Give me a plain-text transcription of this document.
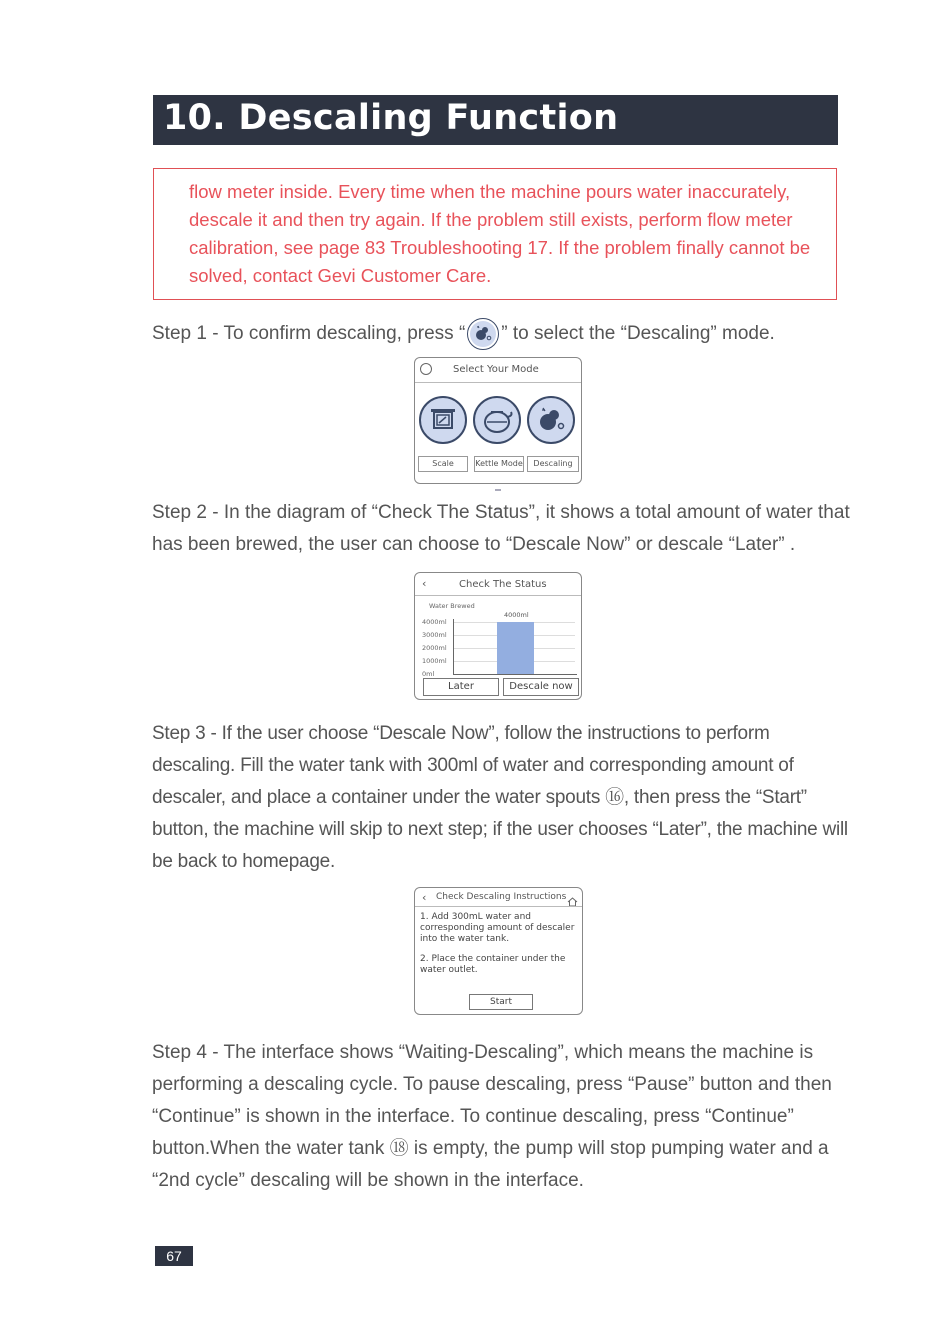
10. Descaling Function

flow meter inside. Every time when the machine pours water inaccurately, descale it and then try again. If the problem still exists, perform flow meter calibration, see page 83 Troubleshooting 17. If the problem finally cannot be solved, contact Gevi Customer Care.

Step 1 - To confirm descaling, press “ ” to select the “Descaling” mode.

Select Your Mode
Scale	Kettle Mode	Descaling

Step 2 - In the diagram of “Check The Status”, it shows a total amount of water that has been brewed, the user can choose to “Descale Now” or descale “Later” .

‹	Check The Status
Water Brewed
4000ml
3000ml
2000ml
1000ml
0ml
4000ml
Later	Descale now

Step 3 - If the user choose “Descale Now”, follow the instructions to perform descaling. Fill the water tank with 300ml of water and corresponding amount of descaler, and place a container under the water spouts ⑯, then press the “Start” button, the machine will skip to next step; if the user chooses “Later”, the machine will be back to homepage.

‹ Check Descaling Instructions
1. Add 300mL water and corresponding amount of descaler into the water tank.
2. Place the container under the water outlet.
Start

Step 4 - The interface shows “Waiting-Descaling”, which means the machine is performing a descaling cycle. To pause descaling, press “Pause” button and then “Continue” is shown in the interface. To continue descaling, press “Continue” button.When the water tank ⑱ is empty, the pump will stop pumping water and a “2nd cycle” descaling will be shown in the interface.

67
